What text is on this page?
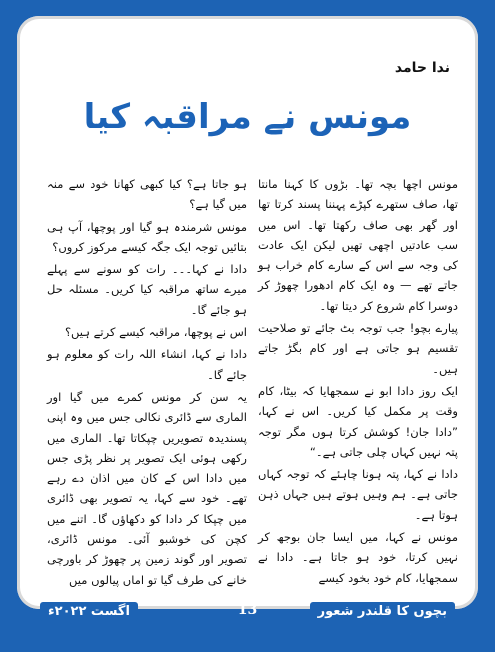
ندا حامد
مونس نے مراقبہ کیا

مونس اچھا بچہ تھا۔ بڑوں کا کہنا مانتا تھا، صاف ستھرے کپڑے پہننا پسند کرتا تھا اور گھر بھی صاف رکھتا تھا۔ اس میں سب عادتیں اچھی تھیں لیکن ایک عادت کی وجہ سے اس کے سارے کام خراب ہو جاتے تھے — وہ ایک کام ادھورا چھوڑ کر دوسرا کام شروع کر دیتا تھا۔

پیارے بچو! جب توجہ بٹ جائے تو صلاحیت تقسیم ہو جاتی ہے اور کام بگڑ جاتے ہیں۔

ایک روز دادا ابو نے سمجھایا کہ بیٹا، کام وقت پر مکمل کیا کریں۔ اس نے کہا، ”دادا جان! کوشش کرتا ہوں مگر توجہ پتہ نہیں کہاں چلی جاتی ہے۔“

دادا نے کہا، پتہ ہونا چاہئے کہ توجہ کہاں جاتی ہے۔ ہم وہیں ہوتے ہیں جہاں ذہن ہوتا ہے۔

مونس نے کہا، میں ایسا جان بوجھ کر نہیں کرتا، خود ہو جاتا ہے۔ دادا نے سمجھایا، کام خود بخود کیسے

ہو جاتا ہے؟ کیا کبھی کھانا خود سے منہ میں گیا ہے؟

مونس شرمندہ ہو گیا اور پوچھا، آپ ہی بتائیں توجہ ایک جگہ کیسے مرکوز کروں؟

دادا نے کہا۔۔۔ رات کو سونے سے پہلے میرے ساتھ مراقبہ کیا کریں۔ مسئلہ حل ہو جائے گا۔

اس نے پوچھا، مراقبہ کیسے کرتے ہیں؟

دادا نے کہا، انشاء اللہ رات کو معلوم ہو جائے گا۔

یہ سن کر مونس کمرے میں گیا اور الماری سے ڈائری نکالی جس میں وہ اپنی پسندیدہ تصویریں چپکاتا تھا۔ الماری میں رکھی ہوئی ایک تصویر پر نظر پڑی جس میں دادا اس کے کان میں اذان دے رہے تھے۔ خود سے کہا، یہ تصویر بھی ڈائری میں چپکا کر دادا کو دکھاؤں گا۔ اتنے میں کچن کی خوشبو آئی۔ مونس ڈائری، تصویر اور گوند زمین پر چھوڑ کر باورچی خانے کی طرف گیا تو اماں پیالوں میں

بچوں کا قلندر شعور
13
اگست ۲۰۲۲ء
